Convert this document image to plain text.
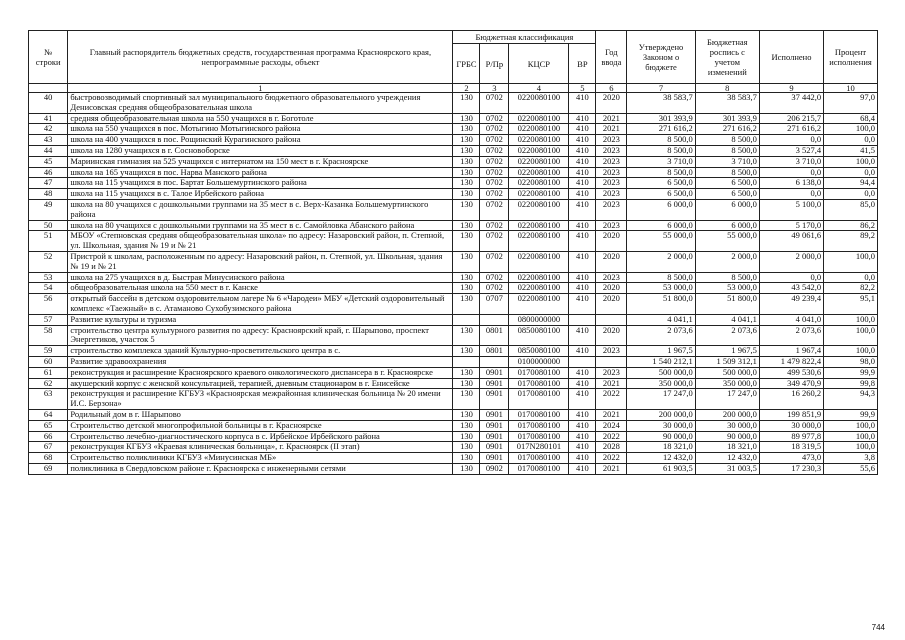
№ строки	Главный распорядитель бюджетных средств, государственная программа Красноярского края, непрограммные расходы, объект	Бюджетная классификация				Год ввода	Утверждено Законом о бюджете	Бюджетная роспись с учетом изменений	Исполнено	Процент исполнения
		ГРБС	Р/Пр	КЦСР	ВР					
	1	2	3	4	5	6	7	8	9	10
40	быстровозводимый спортивный зал муниципального бюджетного образовательного учреждения Денисовская средняя общеобразовательная школа	130	0702	0220080100	410	2020	38 583,7	38 583,7	37 442,0	97,0
41	средняя общеобразовательная школа на 550 учащихся в г. Боготоле	130	0702	0220080100	410	2021	301 393,9	301 393,9	206 215,7	68,4
42	школа на 550 учащихся в пос. Мотыгино Мотыгинского района	130	0702	0220080100	410	2021	271 616,2	271 616,2	271 616,2	100,0
43	школа на 400 учащихся в пос. Рощинский Курагинского района	130	0702	0220080100	410	2023	8 500,0	8 500,0	0,0	0,0
44	школа на 1280 учащихся в г. Сосновоборске	130	0702	0220080100	410	2023	8 500,0	8 500,0	3 527,4	41,5
45	Мариинская гимназия на 525 учащихся с интернатом на 150 мест в г. Красноярске	130	0702	0220080100	410	2023	3 710,0	3 710,0	3 710,0	100,0
46	школа на 165 учащихся в пос. Нарва Манского района	130	0702	0220080100	410	2023	8 500,0	8 500,0	0,0	0,0
47	школа на 115 учащихся в пос. Бартат Большемуртинского района	130	0702	0220080100	410	2023	6 500,0	6 500,0	6 138,0	94,4
48	школа на 115 учащихся в с. Талое Ирбейского района	130	0702	0220080100	410	2023	6 500,0	6 500,0	0,0	0,0
49	школа на 80 учащихся с дошкольными группами на 35 мест в с. Верх-Казанка Большемуртинского района	130	0702	0220080100	410	2023	6 000,0	6 000,0	5 100,0	85,0
50	школа на 80 учащихся с дошкольными группами на 35 мест в с. Самойловка Абанского района	130	0702	0220080100	410	2023	6 000,0	6 000,0	5 170,0	86,2
51	МБОУ «Степновская средняя общеобразовательная школа» по адресу: Назаровский район, п. Степной, ул. Школьная, здания № 19 и № 21	130	0702	0220080100	410	2020	55 000,0	55 000,0	49 061,6	89,2
52	Пристрой к школам, расположенным по адресу: Назаровский район, п. Степной, ул. Школьная, здания № 19 и № 21	130	0702	0220080100	410	2020	2 000,0	2 000,0	2 000,0	100,0
53	школа на 275 учащихся в д. Быстрая Минусинского района	130	0702	0220080100	410	2023	8 500,0	8 500,0	0,0	0,0
54	общеобразовательная школа на 550 мест в г. Канске	130	0702	0220080100	410	2020	53 000,0	53 000,0	43 542,0	82,2
56	открытый бассейн в детском оздоровительном лагере № 6 «Чародеи» МБУ «Детский оздоровительный комплекс «Таежный» в с. Атаманово Сухобузимского района	130	0707	0220080100	410	2020	51 800,0	51 800,0	49 239,4	95,1
57	Развитие культуры и туризма			0800000000			4 041,1	4 041,1	4 041,0	100,0
58	строительство центра культурного развития по адресу: Красноярский край, г. Шарыпово, проспект Энергетиков, участок 5	130	0801	0850080100	410	2020	2 073,6	2 073,6	2 073,6	100,0
59	строительство комплекса зданий Культурно-просветительского центра в с.	130	0801	0850080100	410	2023	1 967,5	1 967,5	1 967,4	100,0
60	Развитие здравоохранения			0100000000			1 540 212,1	1 509 312,1	1 479 822,4	98,0
61	реконструкция и расширение Красноярского краевого онкологического диспансера в г. Красноярске	130	0901	0170080100	410	2023	500 000,0	500 000,0	499 530,6	99,9
62	акушерский корпус с женской консультацией, терапией, дневным стационаром в г. Енисейске	130	0901	0170080100	410	2021	350 000,0	350 000,0	349 470,9	99,8
63	реконструкция и расширение КГБУЗ «Красноярская межрайонная клиническая больница № 20 имени И.С. Берзона»	130	0901	0170080100	410	2022	17 247,0	17 247,0	16 260,2	94,3
64	Родильный дом в г. Шарыпово	130	0901	0170080100	410	2021	200 000,0	200 000,0	199 851,9	99,9
65	Строительство детской многопрофильной больницы в г. Красноярске	130	0901	0170080100	410	2024	30 000,0	30 000,0	30 000,0	100,0
66	Строительство лечебно-диагностического корпуса в с. Ирбейское Ирбейского района	130	0901	0170080100	410	2022	90 000,0	90 000,0	89 977,8	100,0
67	реконструкция КГБУЗ «Краевая клиническая больница», г. Красноярск (II этап)	130	0901	017N280101	410	2028	18 321,0	18 321,0	18 319,5	100,0
68	Строительство поликлиники КГБУЗ «Минусинская МБ»	130	0901	0170080100	410	2022	12 432,0	12 432,0	473,0	3,8
69	поликлиника в Свердловском районе г. Красноярска с инженерными сетями	130	0902	0170080100	410	2021	61 903,5	31 003,5	17 230,3	55,6
744
